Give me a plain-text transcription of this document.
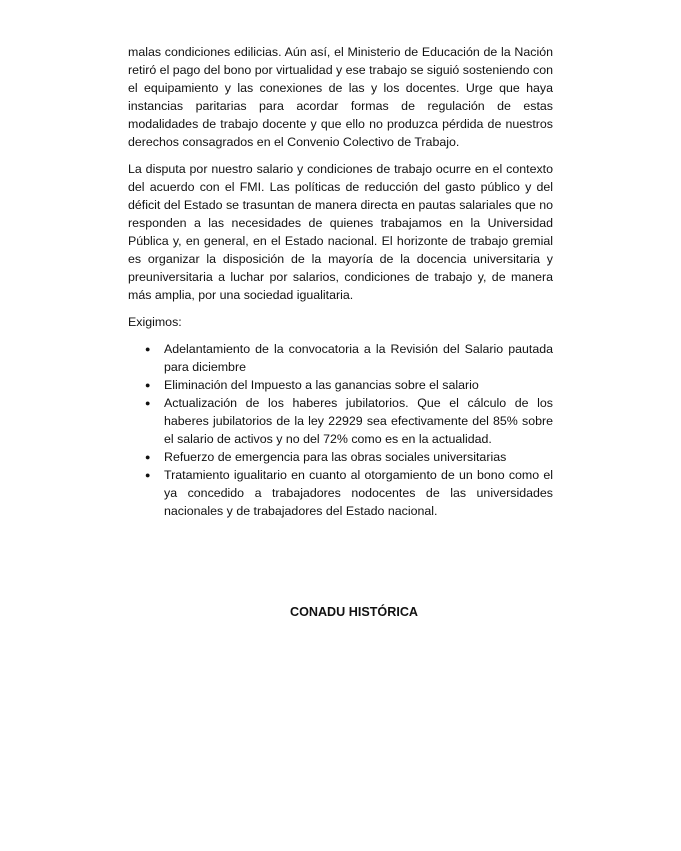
malas condiciones edilicias. Aún así, el Ministerio de Educación de la Nación retiró el pago del bono por virtualidad y ese trabajo se siguió sosteniendo con el equipamiento y las conexiones de las y los docentes. Urge que haya instancias paritarias para acordar formas de regulación de estas modalidades de trabajo docente y que ello no produzca pérdida de nuestros derechos consagrados en el Convenio Colectivo de Trabajo.

La disputa por nuestro salario y condiciones de trabajo ocurre en el contexto del acuerdo con el FMI. Las políticas de reducción del gasto público y del déficit del Estado se trasuntan de manera directa en pautas salariales que no responden a las necesidades de quienes trabajamos en la Universidad Pública y, en general, en el Estado nacional. El horizonte de trabajo gremial es organizar la disposición de la mayoría de la docencia universitaria y preuniversitaria a luchar por salarios, condiciones de trabajo y, de manera más amplia, por una sociedad igualitaria.

Exigimos:

● Adelantamiento de la convocatoria a la Revisión del Salario pautada para diciembre
● Eliminación del Impuesto a las ganancias sobre el salario
● Actualización de los haberes jubilatorios. Que el cálculo de los haberes jubilatorios de la ley 22929 sea efectivamente del 85% sobre el salario de activos y no del 72% como es en la actualidad.
● Refuerzo de emergencia para las obras sociales universitarias
● Tratamiento igualitario en cuanto al otorgamiento de un bono como el ya concedido a trabajadores nodocentes de las universidades nacionales y de trabajadores del Estado nacional.
CONADU HISTÓRICA
